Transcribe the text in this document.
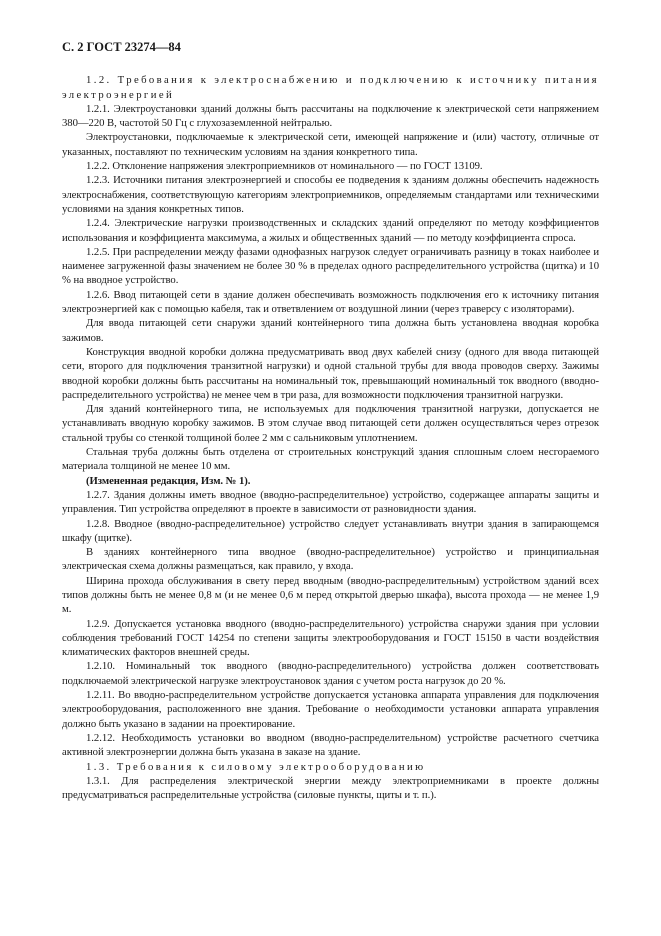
С. 2 ГОСТ 23274—84

1.2. Требования к электроснабжению и подключению к источнику питания электроэнергией

1.2.1. Электроустановки зданий должны быть рассчитаны на подключение к электрической сети напряжением 380—220 В, частотой 50 Гц с глухозаземленной нейтралью.

Электроустановки, подключаемые к электрической сети, имеющей напряжение и (или) частоту, отличные от указанных, поставляют по техническим условиям на здания конкретного типа.

1.2.2. Отклонение напряжения электроприемников от номинального — по ГОСТ 13109.

1.2.3. Источники питания электроэнергией и способы ее подведения к зданиям должны обеспечить надежность электроснабжения, соответствующую категориям электроприемников, определяемым стандартами или техническими условиями на здания конкретных типов.

1.2.4. Электрические нагрузки производственных и складских зданий определяют по методу коэффициентов использования и коэффициента максимума, а жилых и общественных зданий — по методу коэффициента спроса.

1.2.5. При распределении между фазами однофазных нагрузок следует ограничивать разницу в токах наиболее и наименее загруженной фазы значением не более 30 % в пределах одного распределительного устройства (щитка) и 10 % на вводное устройство.

1.2.6. Ввод питающей сети в здание должен обеспечивать возможность подключения его к источнику питания электроэнергией как с помощью кабеля, так и ответвлением от воздушной линии (через траверсу с изоляторами).

Для ввода питающей сети снаружи зданий контейнерного типа должна быть установлена вводная коробка зажимов.

Конструкция вводной коробки должна предусматривать ввод двух кабелей снизу (одного для ввода питающей сети, второго для подключения транзитной нагрузки) и одной стальной трубы для ввода проводов сверху. Зажимы вводной коробки должны быть рассчитаны на номинальный ток, превышающий номинальный ток вводного (вводно-распределительного устройства) не менее чем в три раза, для возможности подключения транзитной нагрузки.

Для зданий контейнерного типа, не используемых для подключения транзитной нагрузки, допускается не устанавливать вводную коробку зажимов. В этом случае ввод питающей сети должен осуществляться через отрезок стальной трубы со стенкой толщиной более 2 мм с сальниковым уплотнением.

Стальная труба должны быть отделена от строительных конструкций здания сплошным слоем несгораемого материала толщиной не менее 10 мм.

(Измененная редакция, Изм. № 1).

1.2.7. Здания должны иметь вводное (вводно-распределительное) устройство, содержащее аппараты защиты и управления. Тип устройства определяют в проекте в зависимости от разновидности здания.

1.2.8. Вводное (вводно-распределительное) устройство следует устанавливать внутри здания в запирающемся шкафу (щитке).

В зданиях контейнерного типа вводное (вводно-распределительное) устройство и принципиальная электрическая схема должны размещаться, как правило, у входа.

Ширина прохода обслуживания в свету перед вводным (вводно-распределительным) устройством зданий всех типов должны быть не менее 0,8 м (и не менее 0,6 м перед открытой дверью шкафа), высота прохода — не менее 1,9 м.

1.2.9. Допускается установка вводного (вводно-распределительного) устройства снаружи здания при условии соблюдения требований ГОСТ 14254 по степени защиты электрооборудования и ГОСТ 15150 в части воздействия климатических факторов внешней среды.

1.2.10. Номинальный ток вводного (вводно-распределительного) устройства должен соответствовать подключаемой электрической нагрузке электроустановок здания с учетом роста нагрузок до 20 %.

1.2.11. Во вводно-распределительном устройстве допускается установка аппарата управления для подключения электрооборудования, расположенного вне здания. Требование о необходимости установки аппарата управления должно быть указано в задании на проектирование.

1.2.12. Необходимость установки во вводном (вводно-распределительном) устройстве расчетного счетчика активной электроэнергии должна быть указана в заказе на здание.

1.3. Требования к силовому электрооборудованию

1.3.1. Для распределения электрической энергии между электроприемниками в проекте должны предусматриваться распределительные устройства (силовые пункты, щиты и т. п.).
